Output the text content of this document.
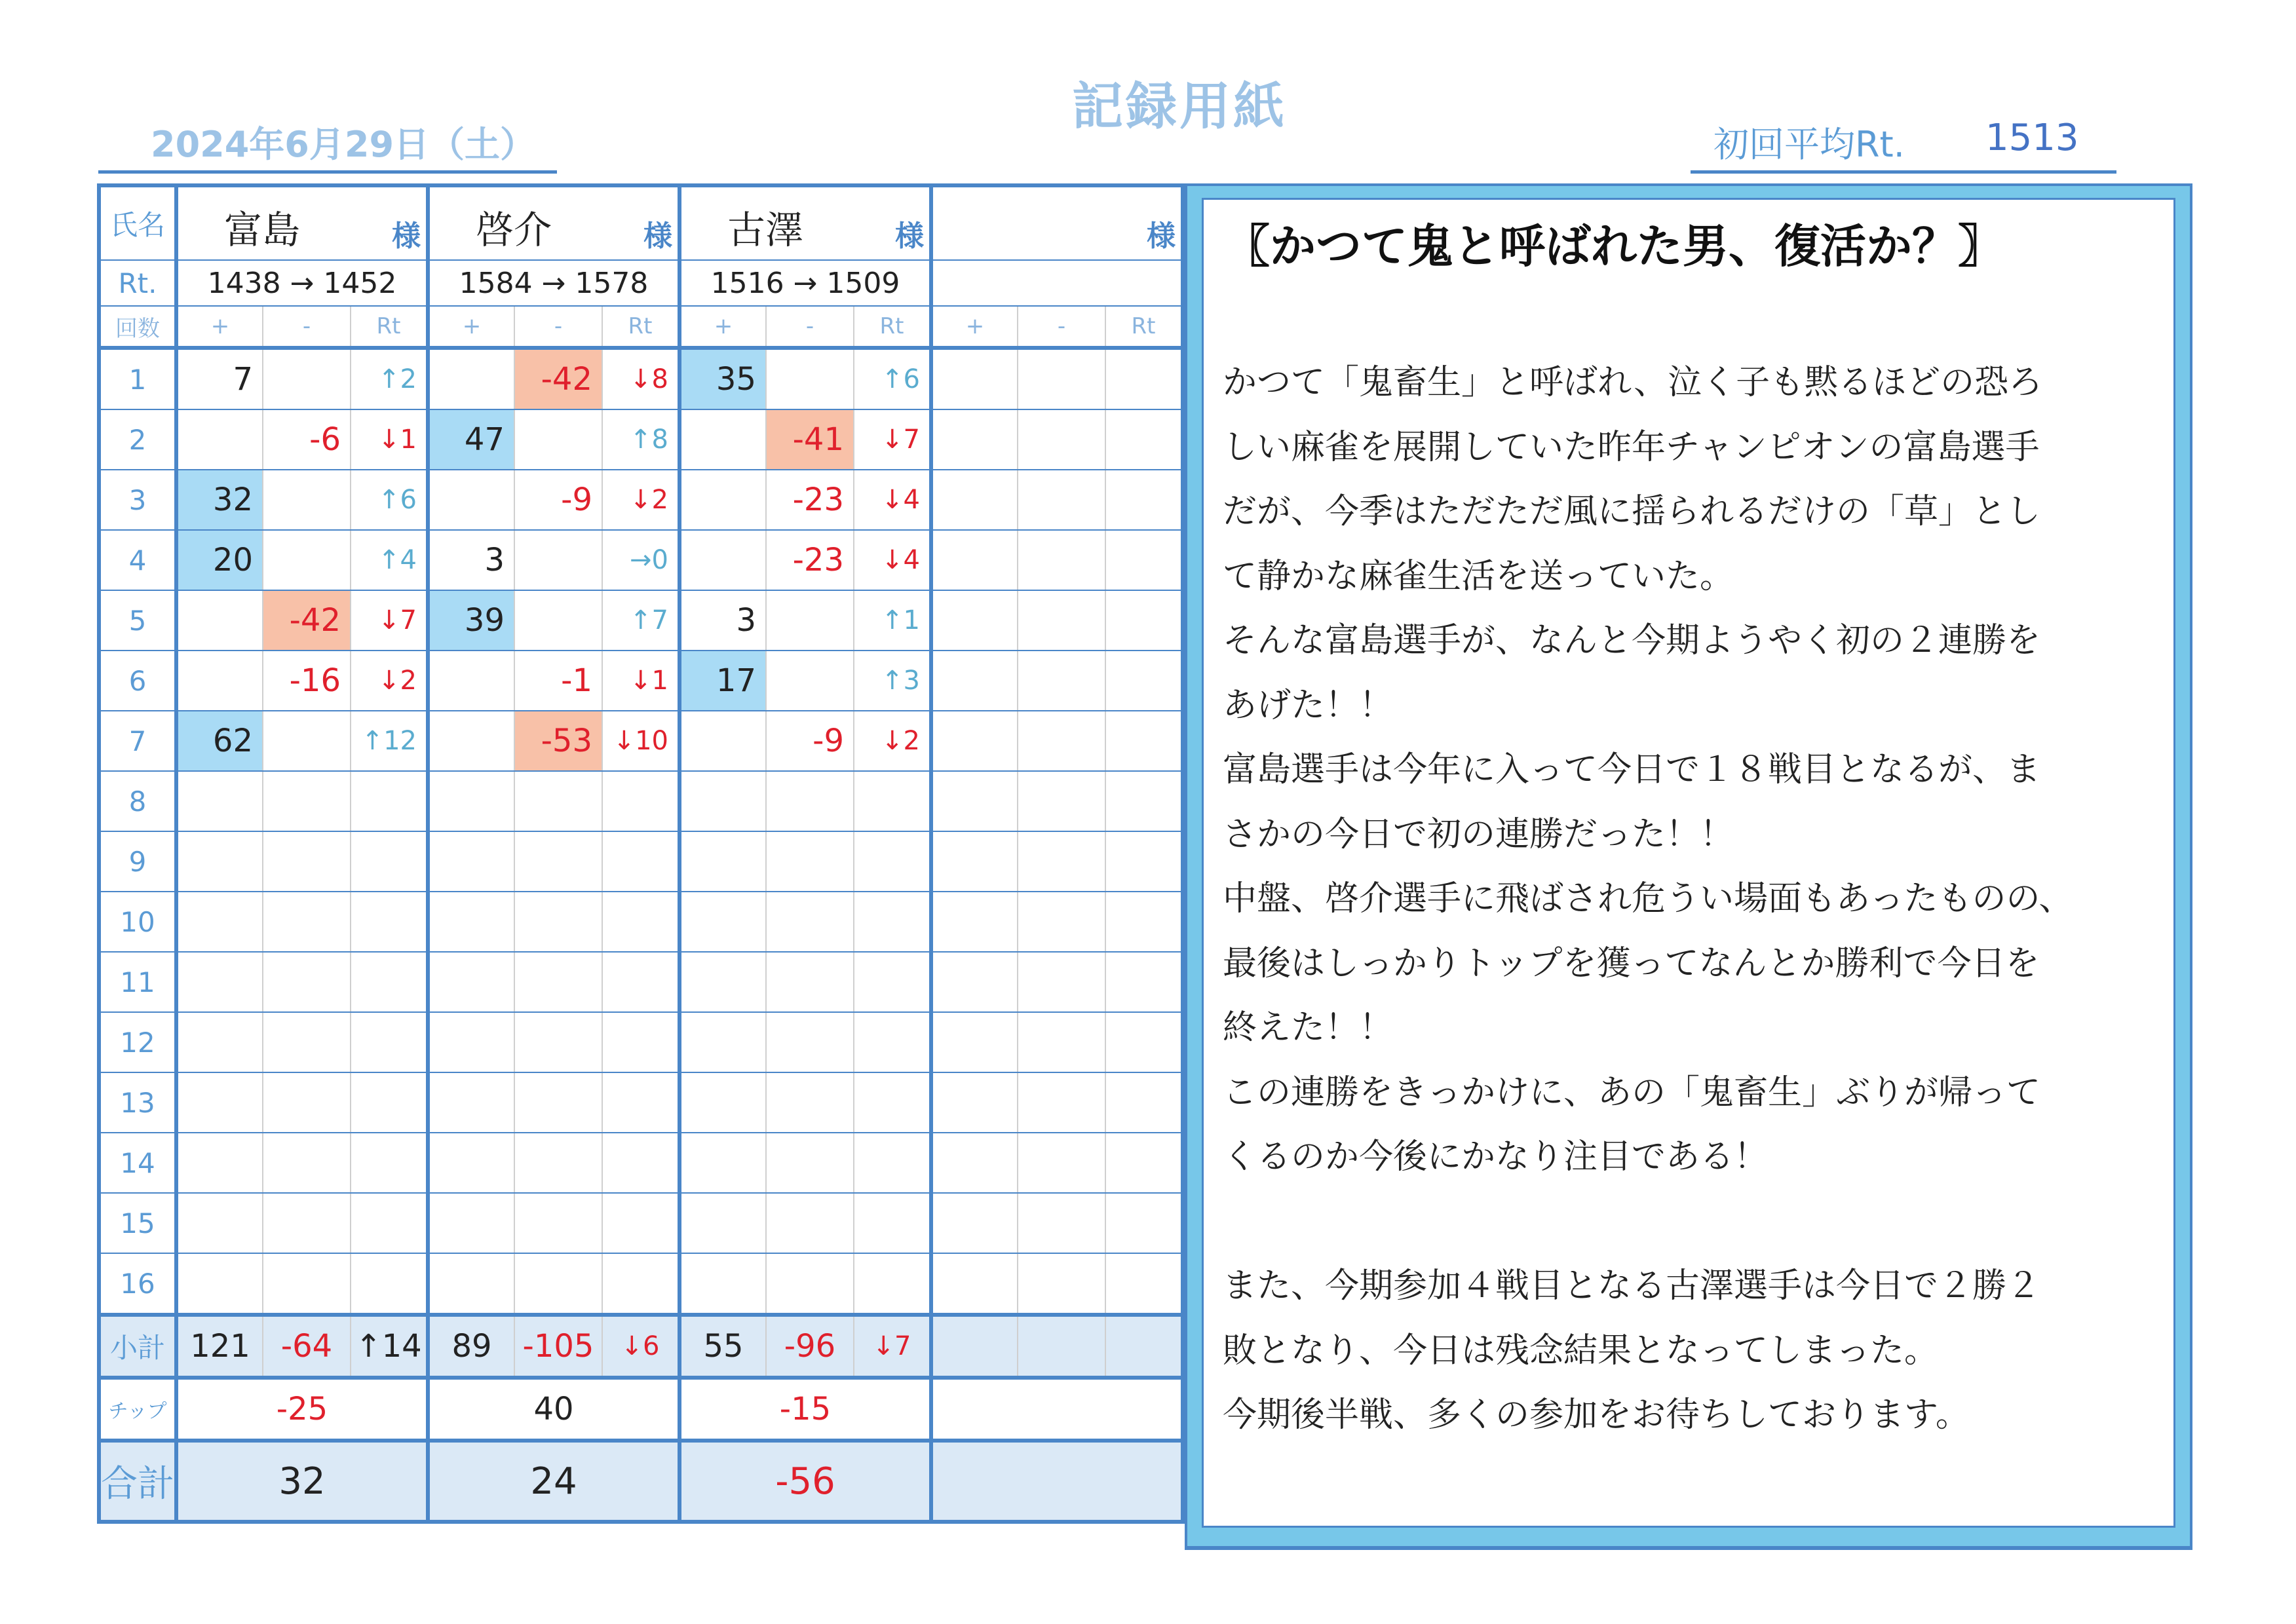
記録用紙
2024年6月29日（土）	初回平均Rt. 1513
氏名	富島 様			啓介 様			古澤 様			様		

Rt.	1438 → 1452			1584 → 1578			1516 → 1509					
回数	+	-	Rt	+	-	Rt	+	-	Rt	+	-	Rt
1	7		↑2		-42	↓8	35		↑6			
2		-6	↓1	47		↑8		-41	↓7			
3	32		↑6		-9	↓2		-23	↓4			
4	20		↑4	3		→0		-23	↓4			
5		-42	↓7	39		↑7	3		↑1			
6		-16	↓2		-1	↓1	17		↑3			
7	62		↑12		-53	↓10		-9	↓2			
8												
9												
10												
11												
12												
13												
14												
15												
16												
小計	121	-64	↑14	89	-105	↓6	55	-96	↓7			
チップ	-25			40			-15					
合計	32			24			-56					
〖かつて鬼と呼ばれた男、復活か？〗

かつて「鬼畜生」と呼ばれ、泣く子も黙るほどの恐ろ

しい麻雀を展開していた昨年チャンピオンの富島選手

だが、今季はただただ風に揺られるだけの「草」とし

て静かな麻雀生活を送っていた。

そんな富島選手が、なんと今期ようやく初の２連勝を

あげた！！

富島選手は今年に入って今日で１８戦目となるが、ま

さかの今日で初の連勝だった！！

中盤、啓介選手に飛ばされ危うい場面もあったものの、

最後はしっかりトップを獲ってなんとか勝利で今日を

終えた！！

この連勝をきっかけに、あの「鬼畜生」ぶりが帰って

くるのか今後にかなり注目である！

また、今期参加４戦目となる古澤選手は今日で２勝２

敗となり、今日は残念結果となってしまった。

今期後半戦、多くの参加をお待ちしております。
